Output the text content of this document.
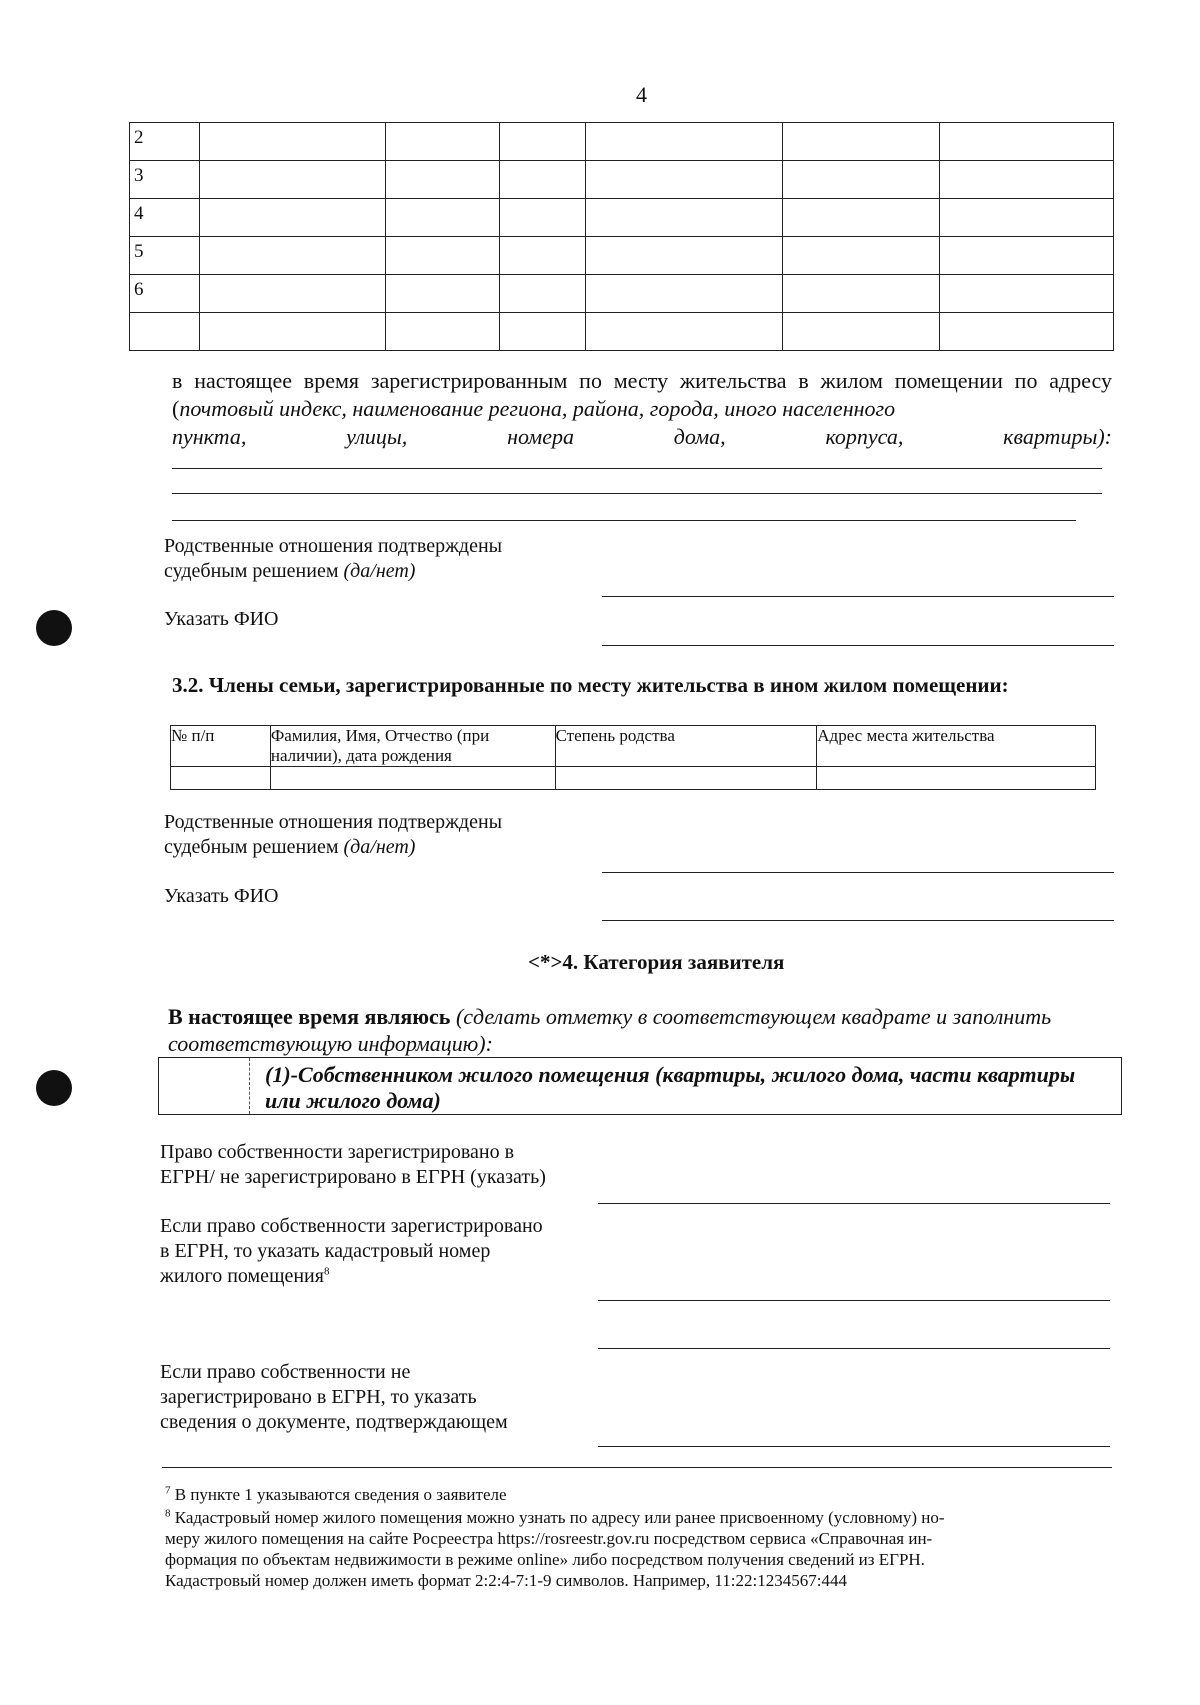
4
2						
3						
4						
5						
6						

в настоящее время зарегистрированным по месту жительства в жилом помещении по адресу (почтовый индекс, наименование региона, района, города, иного населенного
пункта,	улицы,	номера	дома,	корпуса,	квартиры):
Родственные отношения подтверждены
судебным решением (да/нет)
Указать ФИО
3.2. Члены семьи, зарегистрированные по месту жительства в ином жилом помещении:
№ п/п	Фамилия, Имя, Отчество (при наличии), дата рождения	Степень родства	Адрес места жительства

Родственные отношения подтверждены
судебным решением (да/нет)
Указать ФИО
<*>4. Категория заявителя
В настоящее время являюсь (сделать отметку в соответствующем квадрате и заполнить соответствующую информацию):
(1)-Собственником жилого помещения (квартиры, жилого дома, части квартиры или жилого дома)
Право собственности зарегистрировано в
ЕГРН/ не зарегистрировано в ЕГРН (указать)
Если право собственности зарегистрировано
в ЕГРН, то указать кадастровый номер
жилого помещения$^8$
Если право собственности не
зарегистрировано в ЕГРН, то указать
сведения о документе, подтверждающем
$^7$ В пункте 1 указываются сведения о заявителе
$^8$ Кадастровый номер жилого помещения можно узнать по адресу или ранее присвоенному (условному) но-
меру жилого помещения на сайте Росреестра https://rosreestr.gov.ru посредством сервиса «Справочная ин-
формация по объектам недвижимости в режиме online» либо посредством получения сведений из ЕГРН.
Кадастровый номер должен иметь формат 2:2:4-7:1-9 символов. Например, 11:22:1234567:444
